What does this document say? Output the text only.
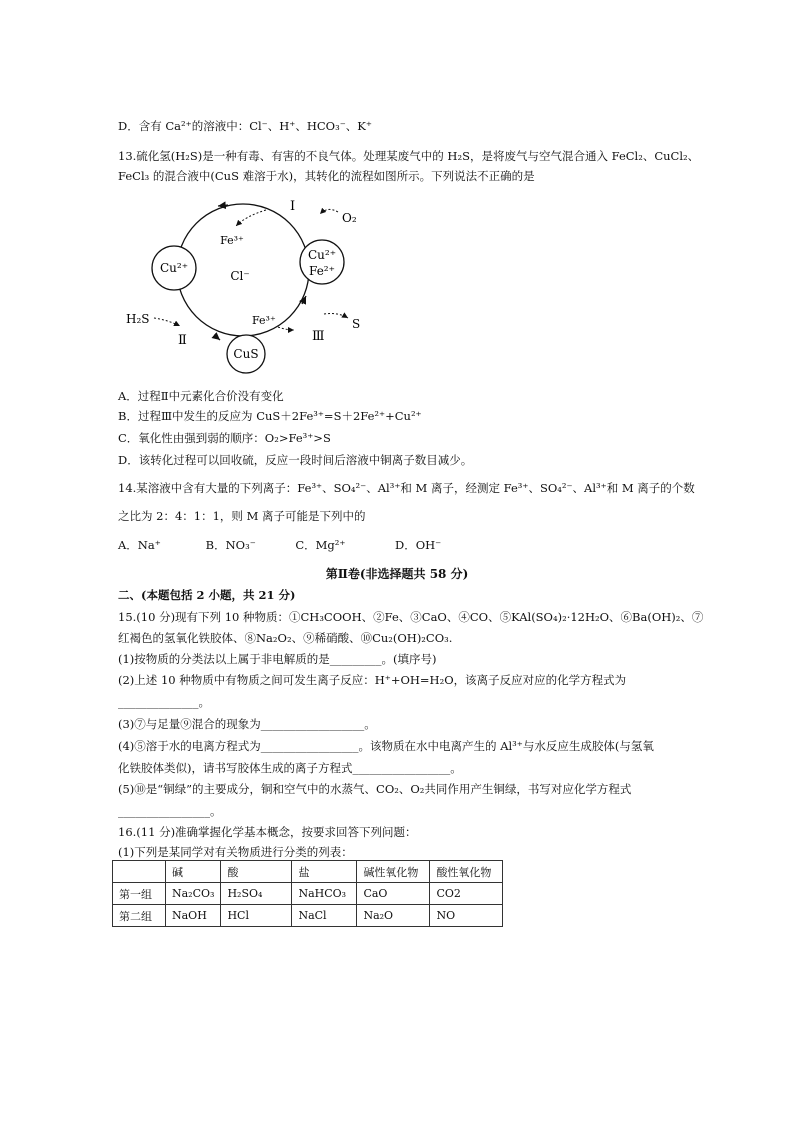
D．含有 Ca²⁺的溶液中：Cl⁻、H⁺、HCO₃⁻、K⁺
13.硫化氢(H₂S)是一种有毒、有害的不良气体。处理某废气中的 H₂S，是将废气与空气混合通入 FeCl₂、CuCl₂、
FeCl₃ 的混合液中(CuS 难溶于水)，其转化的流程如图所示。下列说法不正确的是
Cu²⁺
Cu²⁺
Fe²⁺
CuS
Cl⁻
Fe³⁺
Ⅰ
O₂
H₂S
Ⅱ
Fe³⁺
Ⅲ
S
A．过程Ⅱ中元素化合价没有变化
B．过程Ⅲ中发生的反应为 CuS＋2Fe³⁺=S＋2Fe²⁺+Cu²⁺
C．氧化性由强到弱的顺序：O₂>Fe³⁺>S
D．该转化过程可以回收硫，反应一段时间后溶液中铜离子数目减少。
14.某溶液中含有大量的下列离子：Fe³⁺、SO₄²⁻、Al³⁺和 M 离子，经测定 Fe³⁺、SO₄²⁻、Al³⁺和 M 离子的个数
之比为 2：4：1：1，则 M 离子可能是下列中的
A．Na⁺	B．NO₃⁻	C．Mg²⁺	D．OH⁻
第Ⅱ卷(非选择题共 58 分)
二、(本题包括 2 小题，共 21 分)
15.(10 分)现有下列 10 种物质：①CH₃COOH、②Fe、③CaO、④CO、⑤KAl(SO₄)₂·12H₂O、⑥Ba(OH)₂、⑦
红褐色的氢氧化铁胶体、⑧Na₂O₂、⑨稀硝酸、⑩Cu₂(OH)₂CO₃.
(1)按物质的分类法以上属于非电解质的是_________。(填序号)
(2)上述 10 种物质中有物质之间可发生离子反应：H⁺+OH=H₂O，该离子反应对应的化学方程式为
______________。
(3)⑦与足量⑨混合的现象为__________________。
(4)⑤溶于水的电离方程式为_________________。该物质在水中电离产生的 Al³⁺与水反应生成胶体(与氢氧
化铁胶体类似)，请书写胶体生成的离子方程式_________________。
(5)⑩是“铜绿”的主要成分，铜和空气中的水蒸气、CO₂、O₂共同作用产生铜绿，书写对应化学方程式
________________。
16.(11 分)准确掌握化学基本概念，按要求回答下列问题：
(1)下列是某同学对有关物质进行分类的列表：
	碱	酸	盐	碱性氧化物	酸性氧化物
第一组	Na₂CO₃	H₂SO₄	NaHCO₃	CaO	CO2
第二组	NaOH	HCl	NaCl	Na₂O	NO
